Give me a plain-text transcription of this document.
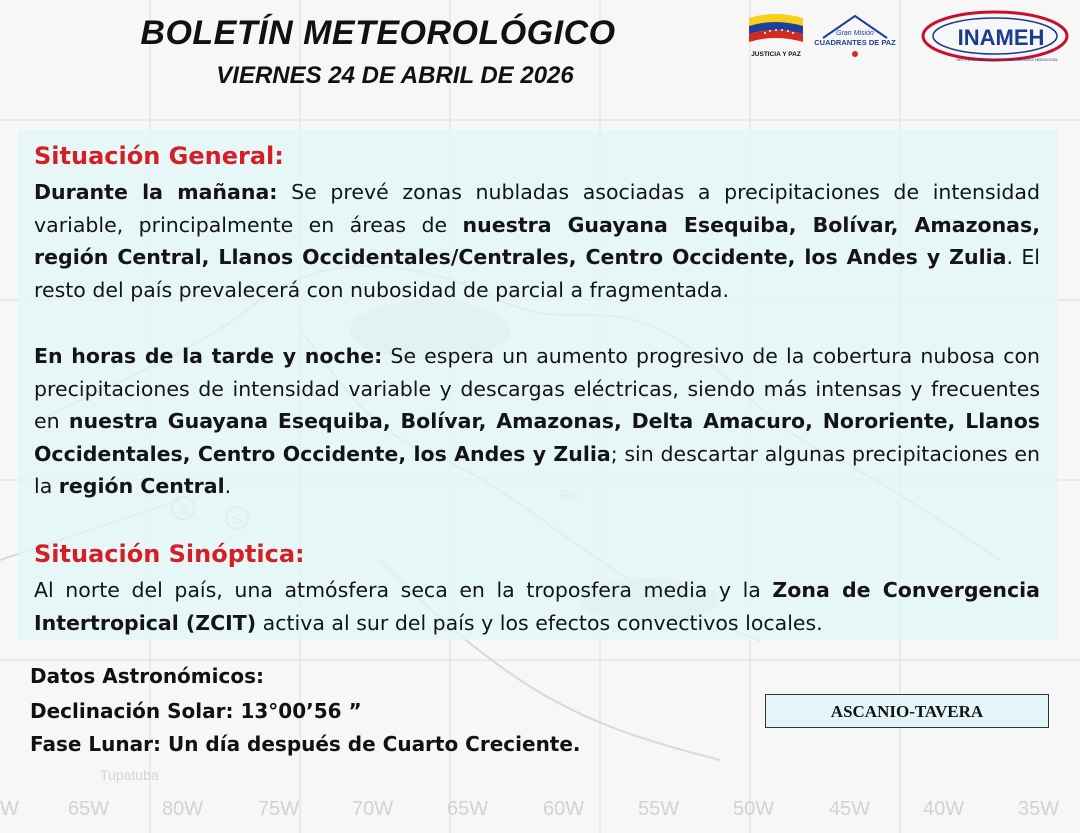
Tupatuba
BOLETÍN METEOROLÓGICO
VIERNES 24 DE ABRIL DE 2026
JUSTICIA Y PAZ
Gran Misión
CUADRANTES DE PAZ	INAMEH
INSTITUTO NACIONAL DE METEOROLOGÍA E HIDROLOGÍA
Situación General:
Durante la mañana: Se prevé zonas nubladas asociadas a precipitaciones de intensidad variable, principalmente en áreas de nuestra Guayana Esequiba, Bolívar, Amazonas, región Central, Llanos Occidentales/Centrales, Centro Occidente, los Andes y Zulia. El resto del país prevalecerá con nubosidad de parcial a fragmentada.
En horas de la tarde y noche: Se espera un aumento progresivo de la cobertura nubosa con precipitaciones de intensidad variable y descargas eléctricas, siendo más intensas y frecuentes en nuestra Guayana Esequiba, Bolívar, Amazonas, Delta Amacuro, Nororiente, Llanos Occidentales, Centro Occidente, los Andes y Zulia; sin descartar algunas precipitaciones en la región Central.
Situación Sinóptica:
Al norte del país, una atmósfera seca en la troposfera media y la Zona de Convergencia Intertropical (ZCIT) activa al sur del país y los efectos convectivos locales.
Datos Astronómicos:
Declinación Solar: 13°00’56 ”
Fase Lunar: Un día después de Cuarto Creciente.
ASCANIO-TAVERA
W 65W	80W	75W	70W	65W	60W	55W	50W	45W	40W	35W
